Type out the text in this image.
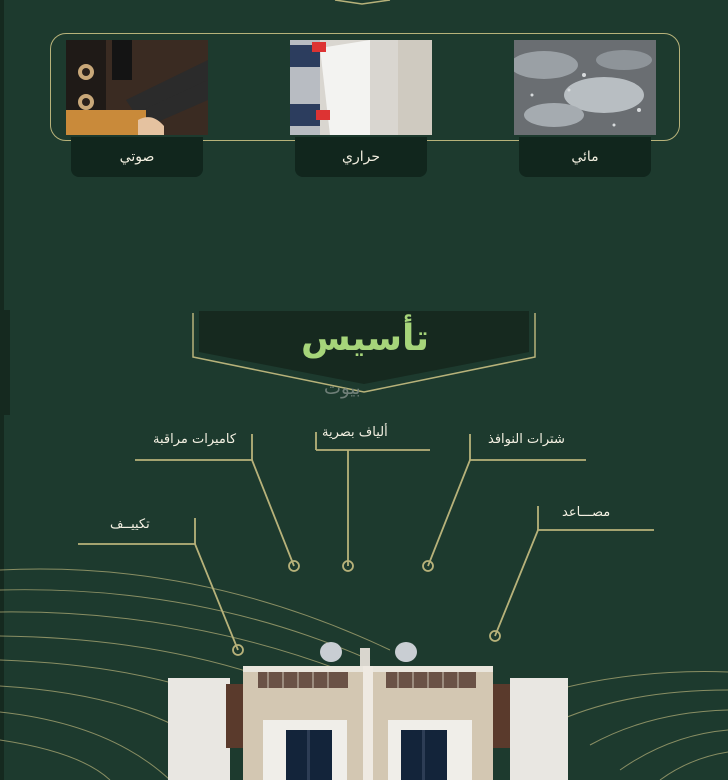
صوتي	حراري	مائي
تأسيس
بيوت
كاميرات مراقبة	ألياف بصرية	شترات النوافذ
تكييــف
مصـــاعد
